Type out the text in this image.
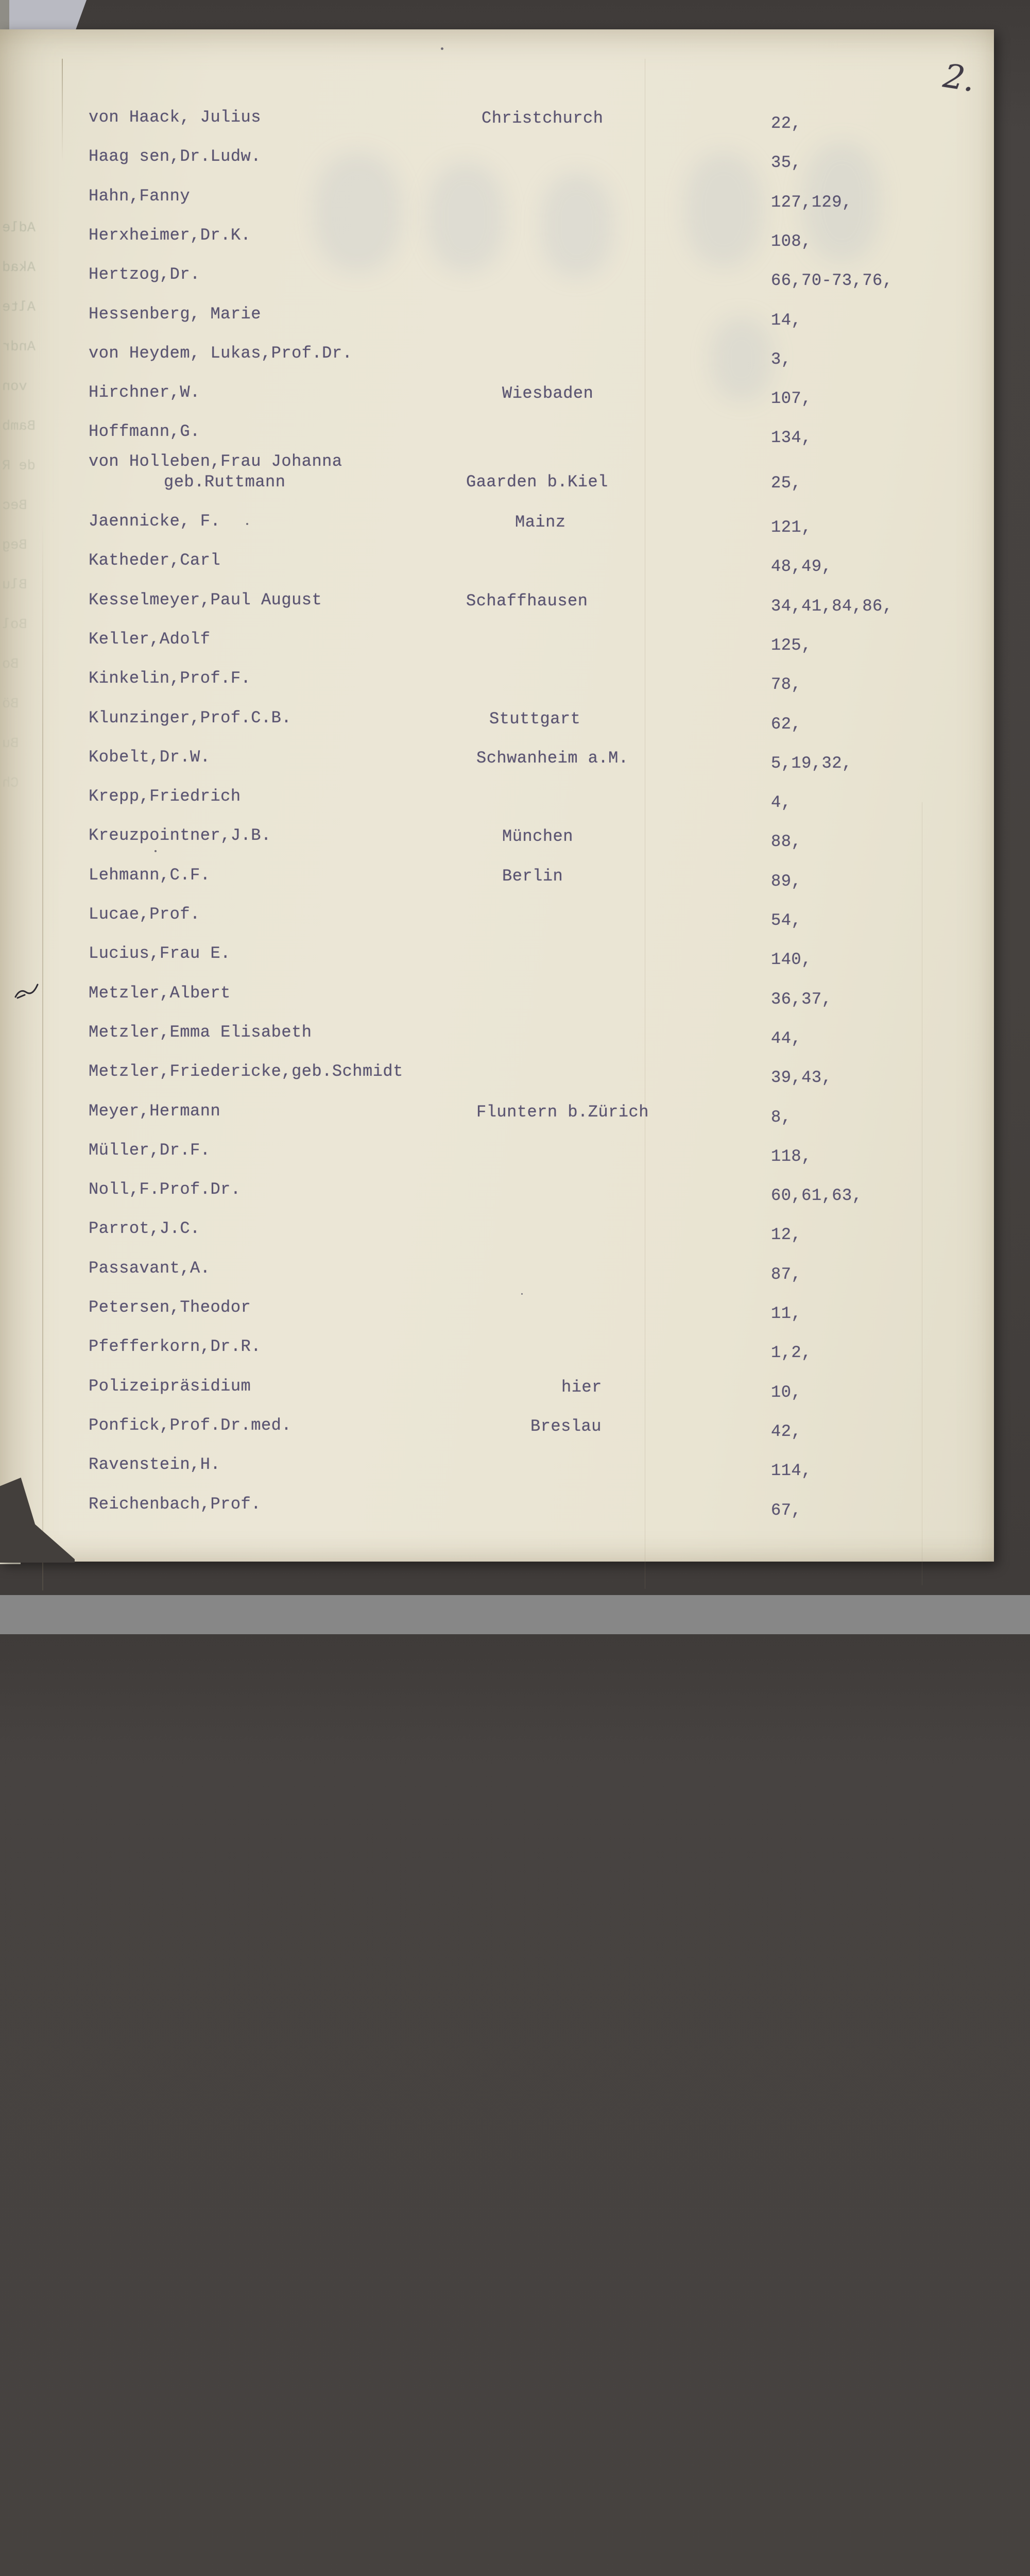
2.
von Haack, Julius	Christchurch	22,
Haag sen,Dr.Ludw.	35,
Hahn,Fanny	127,129,
Herxheimer,Dr.K.	108,
Hertzog,Dr.	66,70-73,76,
Hessenberg, Marie	14,
von Heydem, Lukas,Prof.Dr.	3,
Hirchner,W.	Wiesbaden	107,
Hoffmann,G.	134,
von Holleben,Frau Johanna
geb.Ruttmann	Gaarden b.Kiel	25,
Jaennicke, F.	Mainz	121,
Katheder,Carl	48,49,
Kesselmeyer,Paul August	Schaffhausen	34,41,84,86,
Keller,Adolf	125,
Kinkelin,Prof.F.	78,
Klunzinger,Prof.C.B.	Stuttgart	62,
Kobelt,Dr.W.	Schwanheim a.M.	5,19,32,
Krepp,Friedrich	4,
Kreuzpointner,J.B.	München	88,
Lehmann,C.F.	Berlin	89,
Lucae,Prof.	54,
Lucius,Frau E.	140,
Metzler,Albert	36,37,
Metzler,Emma Elisabeth	44,
Metzler,Friedericke,geb.Schmidt	39,43,
Meyer,Hermann	Fluntern b.Zürich	8,
Müller,Dr.F.	118,
Noll,F.Prof.Dr.	60,61,63,
Parrot,J.C.	12,
Passavant,A.	87,
Petersen,Theodor	11,
Pfefferkorn,Dr.R.	1,2,
Polizeipräsidium	hier	10,
Ponfick,Prof.Dr.med.	Breslau	42,
Ravenstein,H.	114,
Reichenbach,Prof.	67,
Adle
Akad
Alte
Andr
von
Bamb
de R
Bec
Beg
Blu
Bol
Bo
Bö
Bu
Ch
